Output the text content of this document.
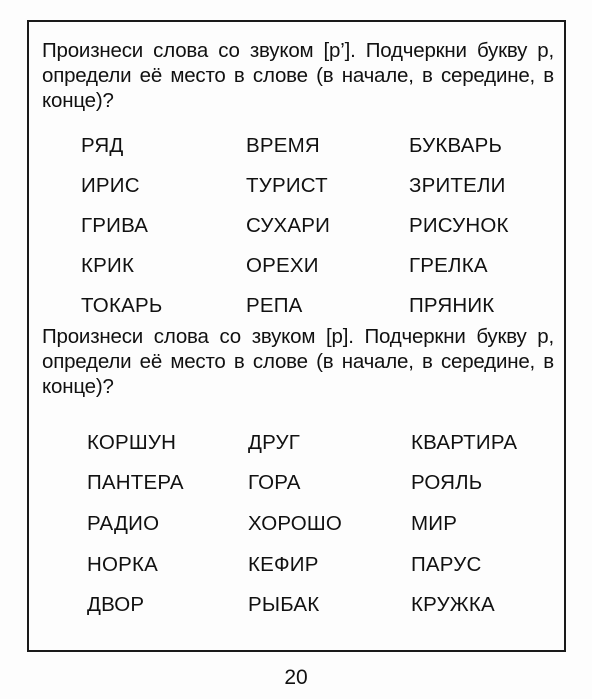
Произнеси слова со звуком [р’]. Подчеркни букву р, определи её место в слове (в начале, в середине, в конце)?
РЯД
ИРИС
ГРИВА
КРИК
ТОКАРЬ
ВРЕМЯ
ТУРИСТ
СУХАРИ
ОРЕХИ
РЕПА
БУКВАРЬ
ЗРИТЕЛИ
РИСУНОК
ГРЕЛКА
ПРЯНИК
Произнеси слова со звуком [р]. Подчеркни букву р, определи её место в слове (в начале, в середине, в конце)?
КОРШУН
ПАНТЕРА
РАДИО
НОРКА
ДВОР
ДРУГ
ГОРА
ХОРОШО
КЕФИР
РЫБАК
КВАРТИРА
РОЯЛЬ
МИР
ПАРУС
КРУЖКА
20
